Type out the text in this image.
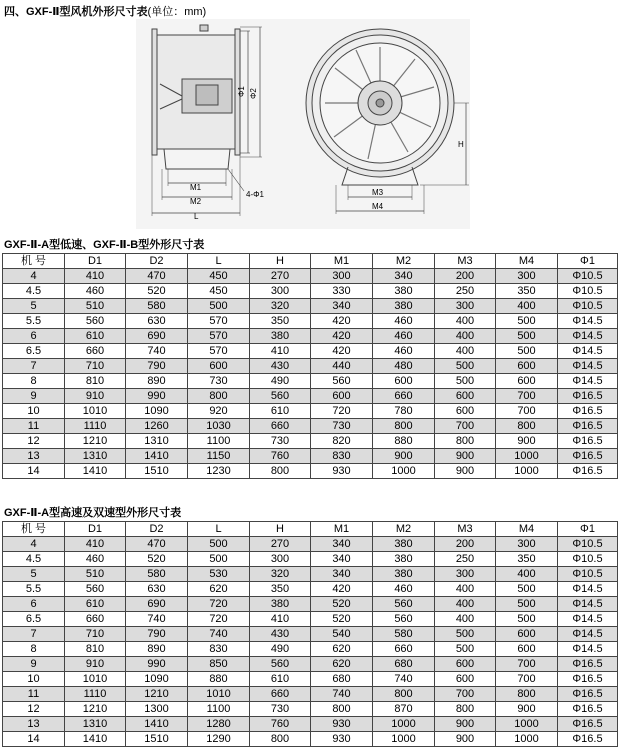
四、GXF-Ⅱ型风机外形尺寸表(单位：mm)
Φ1 Φ2
M1
M2
L
4-Φ1
H
M3
M4
GXF-Ⅱ-A型低速、GXF-Ⅱ-B型外形尺寸表
机 号	D1	D2	L	H	M1	M2	M3	M4	Φ1
4	410	470	450	270	300	340	200	300	Φ10.5
4.5	460	520	450	300	330	380	250	350	Φ10.5
5	510	580	500	320	340	380	300	400	Φ10.5
5.5	560	630	570	350	420	460	400	500	Φ14.5
6	610	690	570	380	420	460	400	500	Φ14.5
6.5	660	740	570	410	420	460	400	500	Φ14.5
7	710	790	600	430	440	480	500	600	Φ14.5
8	810	890	730	490	560	600	500	600	Φ14.5
9	910	990	800	560	600	660	600	700	Φ16.5
10	1010	1090	920	610	720	780	600	700	Φ16.5
11	1110	1260	1030	660	730	800	700	800	Φ16.5
12	1210	1310	1100	730	820	880	800	900	Φ16.5
13	1310	1410	1150	760	830	900	900	1000	Φ16.5
14	1410	1510	1230	800	930	1000	900	1000	Φ16.5
GXF-Ⅱ-A型高速及双速型外形尺寸表
机 号	D1	D2	L	H	M1	M2	M3	M4	Φ1
4	410	470	500	270	340	380	200	300	Φ10.5
4.5	460	520	500	300	340	380	250	350	Φ10.5
5	510	580	530	320	340	380	300	400	Φ10.5
5.5	560	630	620	350	420	460	400	500	Φ14.5
6	610	690	720	380	520	560	400	500	Φ14.5
6.5	660	740	720	410	520	560	400	500	Φ14.5
7	710	790	740	430	540	580	500	600	Φ14.5
8	810	890	830	490	620	660	500	600	Φ14.5
9	910	990	850	560	620	680	600	700	Φ16.5
10	1010	1090	880	610	680	740	600	700	Φ16.5
11	1110	1210	1010	660	740	800	700	800	Φ16.5
12	1210	1300	1100	730	800	870	800	900	Φ16.5
13	1310	1410	1280	760	930	1000	900	1000	Φ16.5
14	1410	1510	1290	800	930	1000	900	1000	Φ16.5
